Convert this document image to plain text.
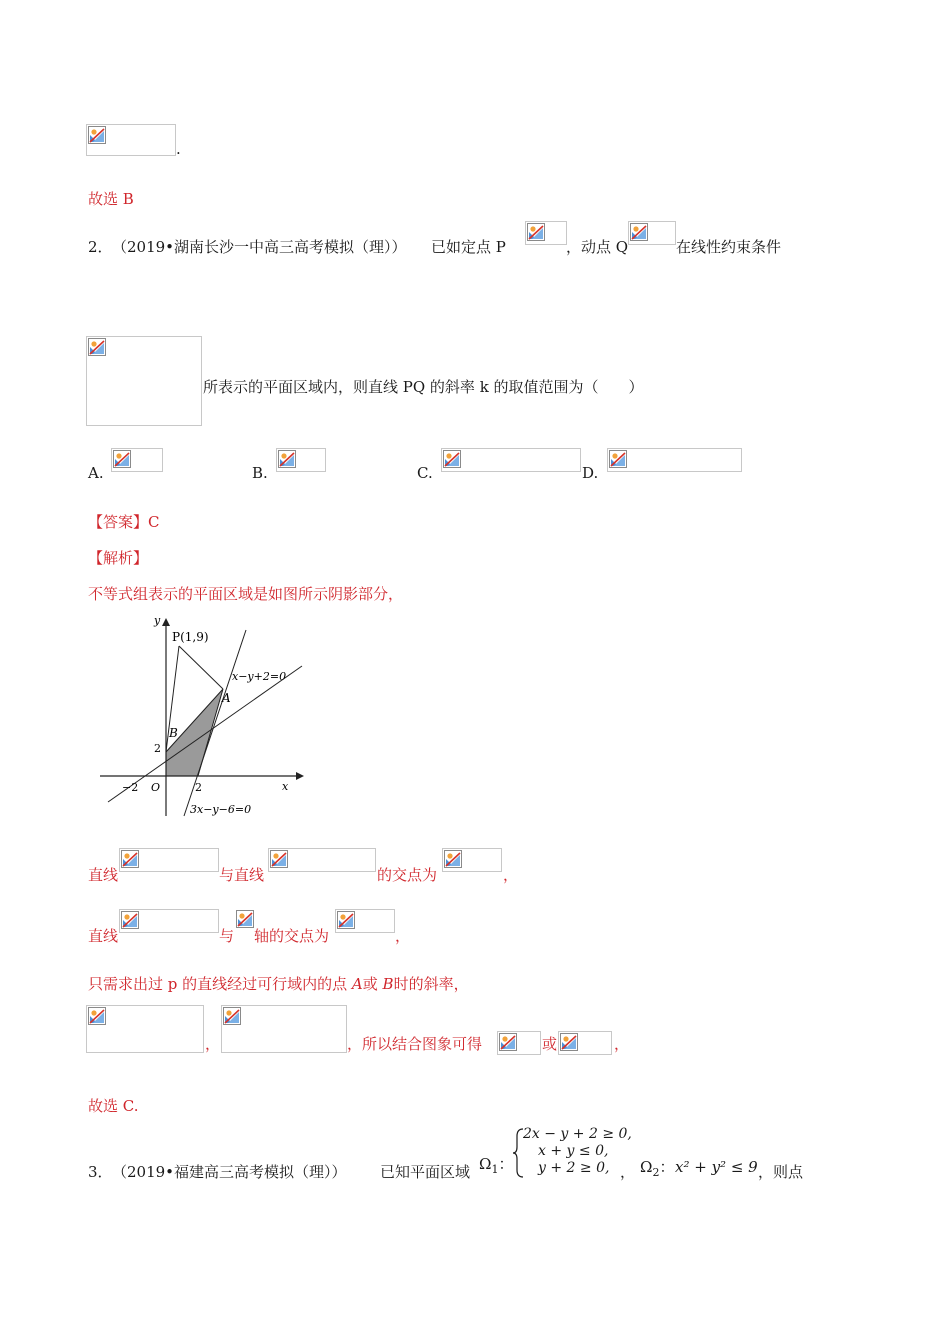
.
故选 B
2． （2019•湖南长沙一中高三高考模拟（理）） 已如定点 P	，动点 Q	在线性约束条件
所表示的平面区域内，则直线 PQ 的斜率 k 的取值范围为（　　）
A.	B.	C.	D.
【答案】C
【解析】
不等式组表示的平面区域是如图所示阴影部分，
y
x
P(1,9)
A
B
O
2
−2	2
x−y+2=0
3x−y−6=0
直线	与直线	的交点为	，
直线	与 轴的交点为	，
只需求出过 p 的直线经过可行域内的点 A或 B时的斜率，
，	，所以结合图象可得	或	，
故选 C.
3． （2019•福建高三高考模拟（理）） 已知平面区域 $\Omega_1$：
2x − y + 2 ≥ 0,
x + y ≤ 0,
y + 2 ≥ 0, ， $\Omega_2$： x² + y² ≤ 9 ，则点
